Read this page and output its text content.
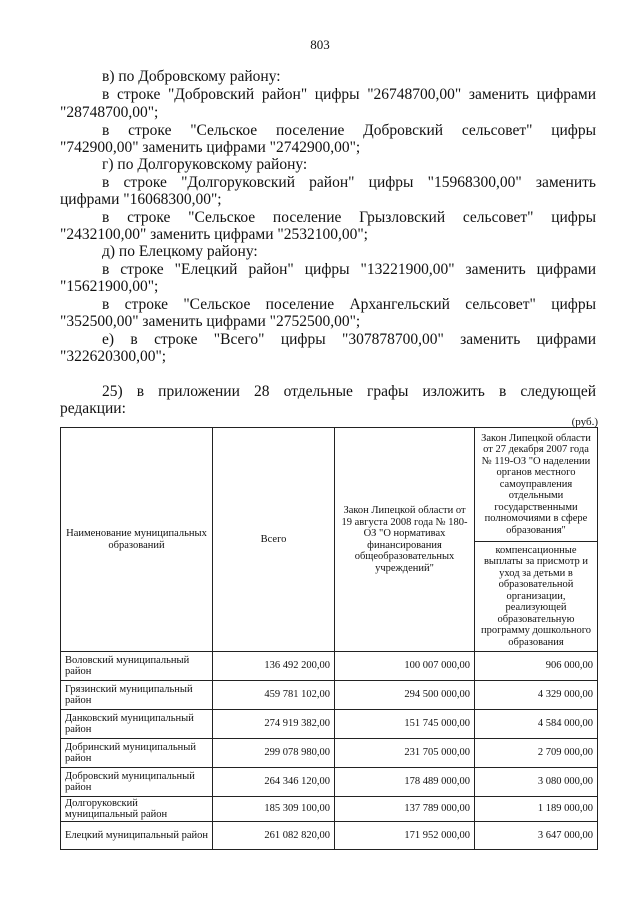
803
в) по Добровскому району:
в строке "Добровский район" цифры "26748700,00" заменить цифрами
"28748700,00";
в строке "Сельское поселение Добровский сельсовет" цифры
"742900,00" заменить цифрами "2742900,00";
г) по Долгоруковскому району:
в строке "Долгоруковский район" цифры "15968300,00" заменить
цифрами "16068300,00";
в строке "Сельское поселение Грызловский сельсовет" цифры
"2432100,00" заменить цифрами "2532100,00";
д) по Елецкому району:
в строке "Елецкий район" цифры "13221900,00" заменить цифрами
"15621900,00";
в строке "Сельское поселение Архангельский сельсовет" цифры
"352500,00" заменить цифрами "2752500,00";
е) в строке "Всего" цифры "307878700,00" заменить цифрами
"322620300,00";
25) в приложении 28 отдельные графы изложить в следующей
редакции:
(руб.)
Наименование муниципальных образований	Всего	Закон Липецкой области от 19 августа 2008 года № 180-ОЗ "О нормативах финансирования общеобразовательных учреждений"	Закон Липецкой области от 27 декабря 2007 года № 119-ОЗ "О наделении органов местного самоуправления отдельными государственными полномочиями в сфере образования"
			компенсационные выплаты за присмотр и уход за детьми в образовательной организации, реализующей образовательную программу дошкольного образования
Воловский муниципальный район	136 492 200,00	100 007 000,00	906 000,00
Грязинский муниципальный район	459 781 102,00	294 500 000,00	4 329 000,00
Данковский муниципальный район	274 919 382,00	151 745 000,00	4 584 000,00
Добринский муниципальный район	299 078 980,00	231 705 000,00	2 709 000,00
Добровский муниципальный район	264 346 120,00	178 489 000,00	3 080 000,00
Долгоруковский муниципальный район	185 309 100,00	137 789 000,00	1 189 000,00
Елецкий муниципальный район	261 082 820,00	171 952 000,00	3 647 000,00
